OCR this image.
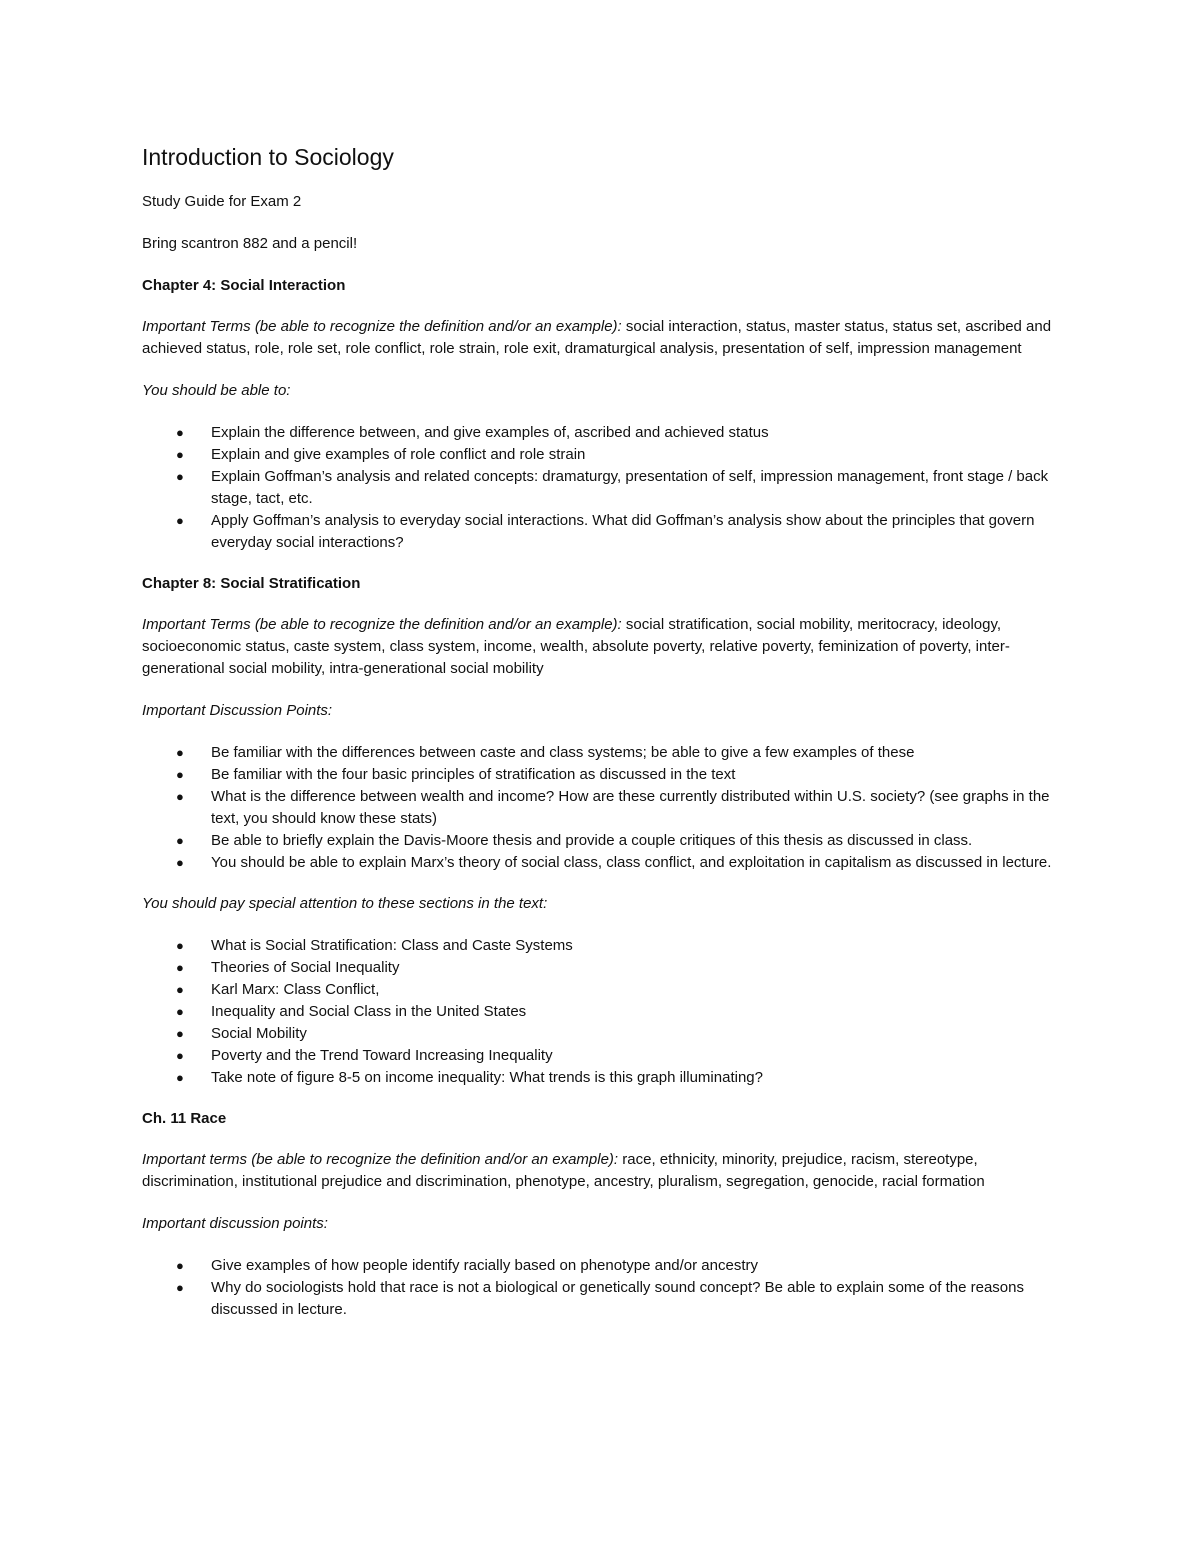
Introduction to Sociology

Study Guide for Exam 2

Bring scantron 882 and a pencil!

Chapter 4: Social Interaction

Important Terms (be able to recognize the definition and/or an example): social interaction, status, master status, status set, ascribed and achieved status, role, role set, role conflict, role strain, role exit, dramaturgical analysis, presentation of self, impression management

You should be able to:

● Explain the difference between, and give examples of, ascribed and achieved status
● Explain and give examples of role conflict and role strain
● Explain Goffman’s analysis and related concepts: dramaturgy, presentation of self, impression management, front stage / back stage, tact, etc.
● Apply Goffman’s analysis to everyday social interactions. What did Goffman’s analysis show about the principles that govern everyday social interactions?

Chapter 8: Social Stratification

Important Terms (be able to recognize the definition and/or an example): social stratification, social mobility, meritocracy, ideology, socioeconomic status, caste system, class system, income, wealth, absolute poverty, relative poverty, feminization of poverty, inter-generational social mobility, intra-generational social mobility

Important Discussion Points:

● Be familiar with the differences between caste and class systems; be able to give a few examples of these
● Be familiar with the four basic principles of stratification as discussed in the text
● What is the difference between wealth and income? How are these currently distributed within U.S. society? (see graphs in the text, you should know these stats)
● Be able to briefly explain the Davis-Moore thesis and provide a couple critiques of this thesis as discussed in class.
● You should be able to explain Marx’s theory of social class, class conflict, and exploitation in capitalism as discussed in lecture.

You should pay special attention to these sections in the text:

● What is Social Stratification: Class and Caste Systems
● Theories of Social Inequality
● Karl Marx: Class Conflict,
● Inequality and Social Class in the United States
● Social Mobility
● Poverty and the Trend Toward Increasing Inequality
● Take note of figure 8-5 on income inequality: What trends is this graph illuminating?

Ch. 11 Race

Important terms (be able to recognize the definition and/or an example): race, ethnicity, minority, prejudice, racism, stereotype, discrimination, institutional prejudice and discrimination, phenotype, ancestry, pluralism, segregation, genocide, racial formation

Important discussion points:

● Give examples of how people identify racially based on phenotype and/or ancestry
● Why do sociologists hold that race is not a biological or genetically sound concept? Be able to explain some of the reasons discussed in lecture.
